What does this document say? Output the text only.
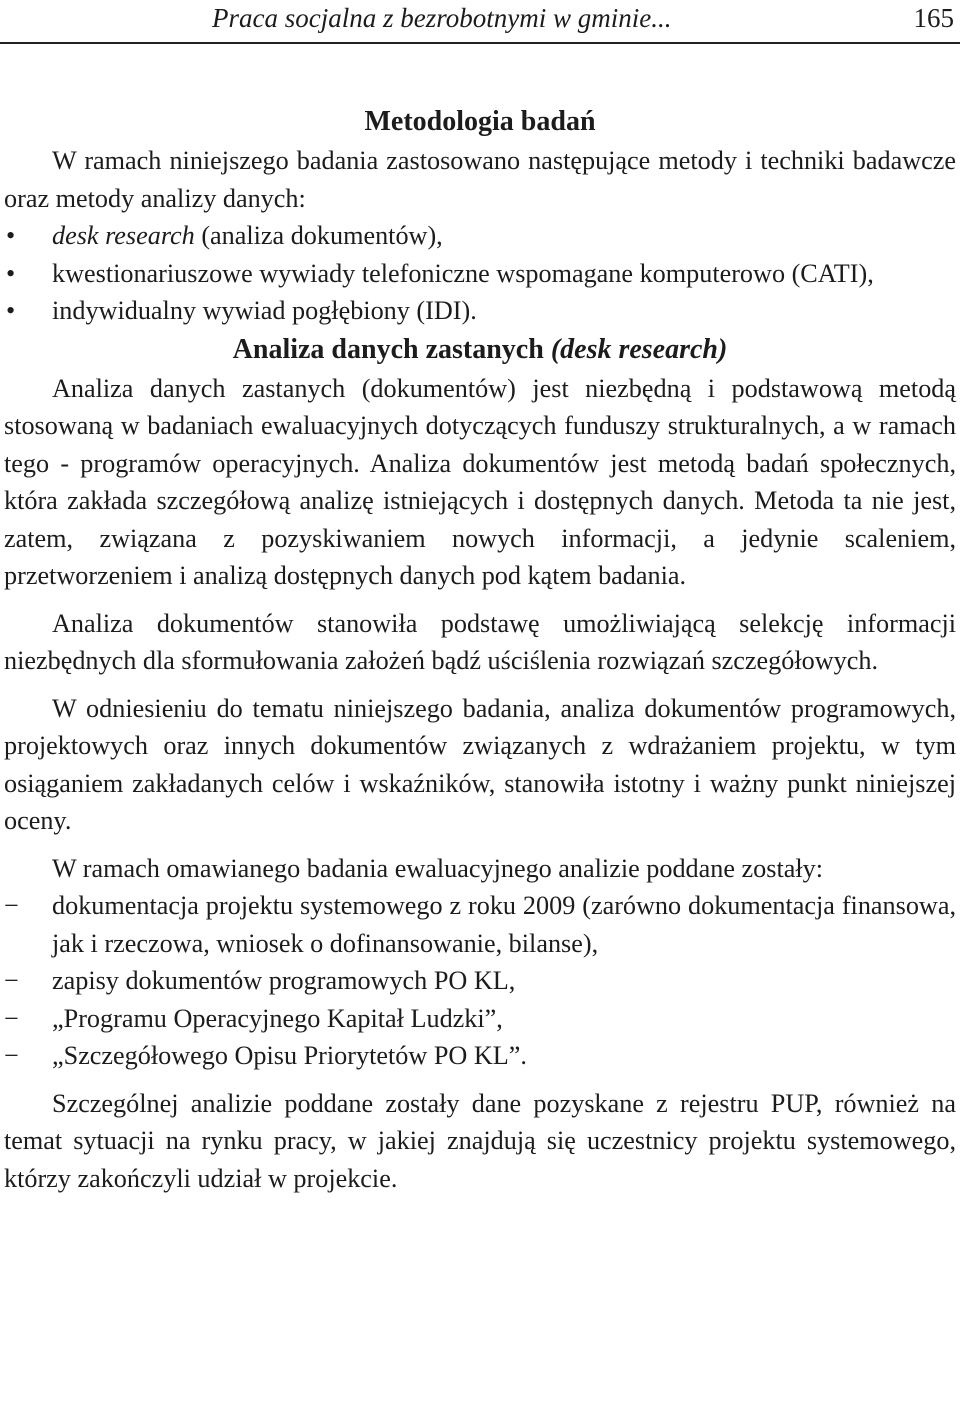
Praca socjalna z bezrobotnymi w gminie...	165
Metodologia badań

W ramach niniejszego badania zastosowano następujące metody i techniki badawcze oraz metody analizy danych:

• desk research (analiza dokumentów),
• kwestionariuszowe wywiady telefoniczne wspomagane komputerowo (CATI),
• indywidualny wywiad pogłębiony (IDI).
Analiza danych zastanych (desk research)

Analiza danych zastanych (dokumentów) jest niezbędną i podstawową metodą stosowaną w badaniach ewaluacyjnych dotyczących funduszy strukturalnych, a w ramach tego - programów operacyjnych. Analiza dokumentów jest metodą badań społecznych, która zakłada szczegółową analizę istniejących i dostępnych danych. Metoda ta nie jest, zatem, związana z pozyskiwaniem nowych informacji, a jedynie scaleniem, przetworzeniem i analizą dostępnych danych pod kątem badania.

Analiza dokumentów stanowiła podstawę umożliwiającą selekcję informacji niezbędnych dla sformułowania założeń bądź uściślenia rozwiązań szczegółowych.

W odniesieniu do tematu niniejszego badania, analiza dokumentów programowych, projektowych oraz innych dokumentów związanych z wdrażaniem projektu, w tym osiąganiem zakładanych celów i wskaźników, stanowiła istotny i ważny punkt niniejszej oceny.

W ramach omawianego badania ewaluacyjnego analizie poddane zostały:

− dokumentacja projektu systemowego z roku 2009 (zarówno dokumentacja finansowa, jak i rzeczowa, wniosek o dofinansowanie, bilanse),
− zapisy dokumentów programowych PO KL,
− „Programu Operacyjnego Kapitał Ludzki”,
− „Szczegółowego Opisu Priorytetów PO KL”.

Szczególnej analizie poddane zostały dane pozyskane z rejestru PUP, również na temat sytuacji na rynku pracy, w jakiej znajdują się uczestnicy projektu systemowego, którzy zakończyli udział w projekcie.
